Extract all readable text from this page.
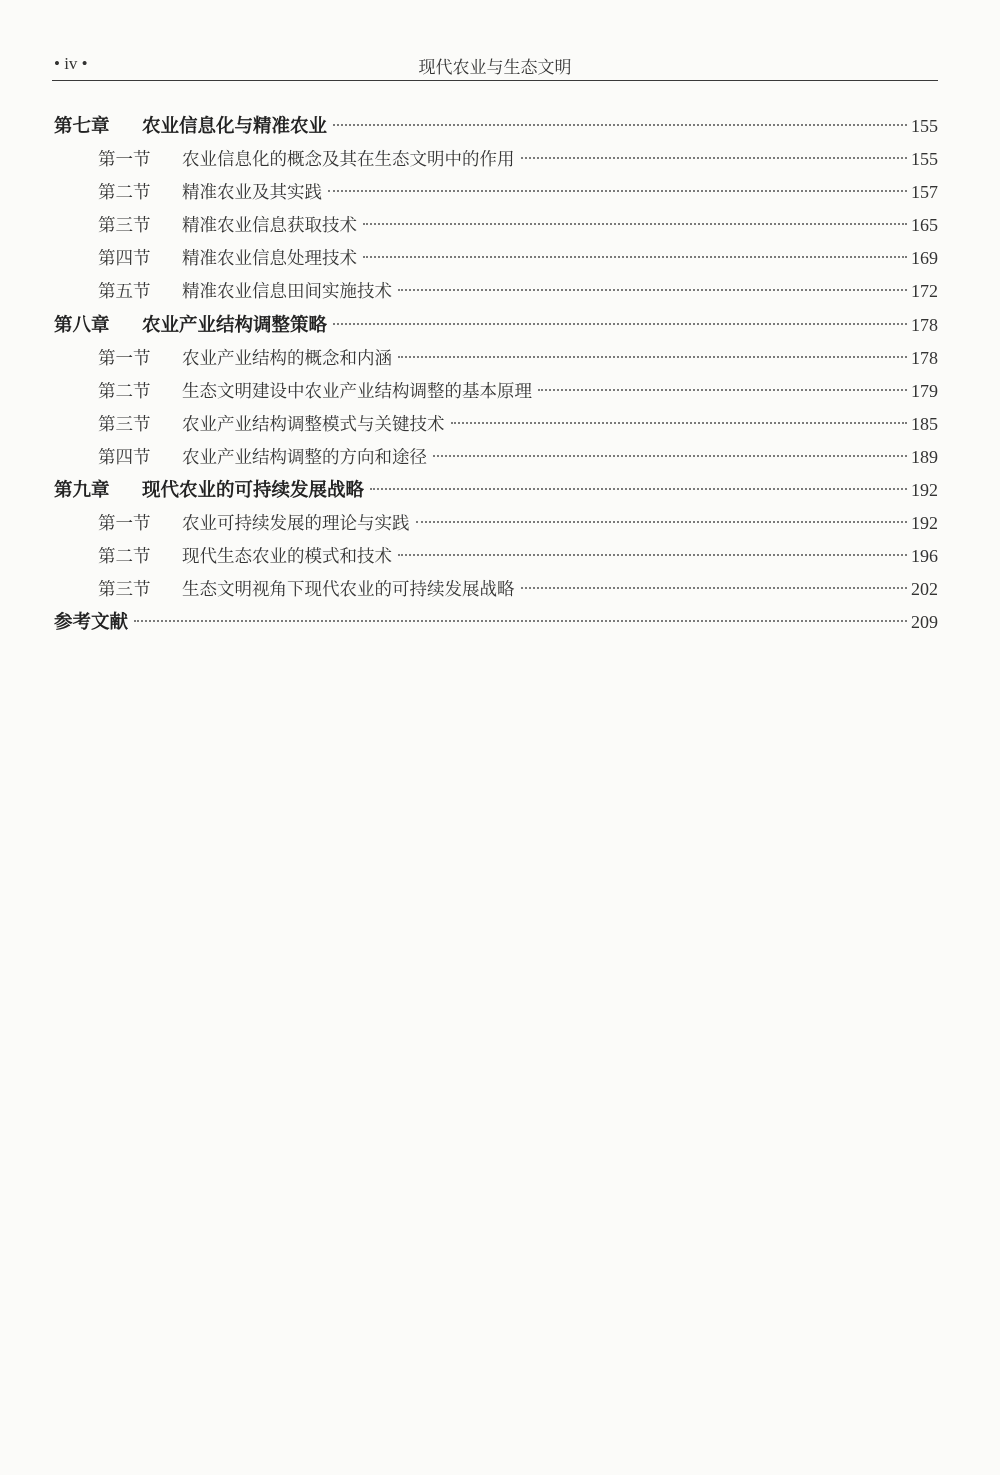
• iv •	现代农业与生态文明
第七章	农业信息化与精准农业	155
第一节	农业信息化的概念及其在生态文明中的作用	155
第二节	精准农业及其实践	157
第三节	精准农业信息获取技术	165
第四节	精准农业信息处理技术	169
第五节	精准农业信息田间实施技术	172
第八章	农业产业结构调整策略	178
第一节	农业产业结构的概念和内涵	178
第二节	生态文明建设中农业产业结构调整的基本原理	179
第三节	农业产业结构调整模式与关键技术	185
第四节	农业产业结构调整的方向和途径	189
第九章	现代农业的可持续发展战略	192
第一节	农业可持续发展的理论与实践	192
第二节	现代生态农业的模式和技术	196
第三节	生态文明视角下现代农业的可持续发展战略	202
参考文献	209
